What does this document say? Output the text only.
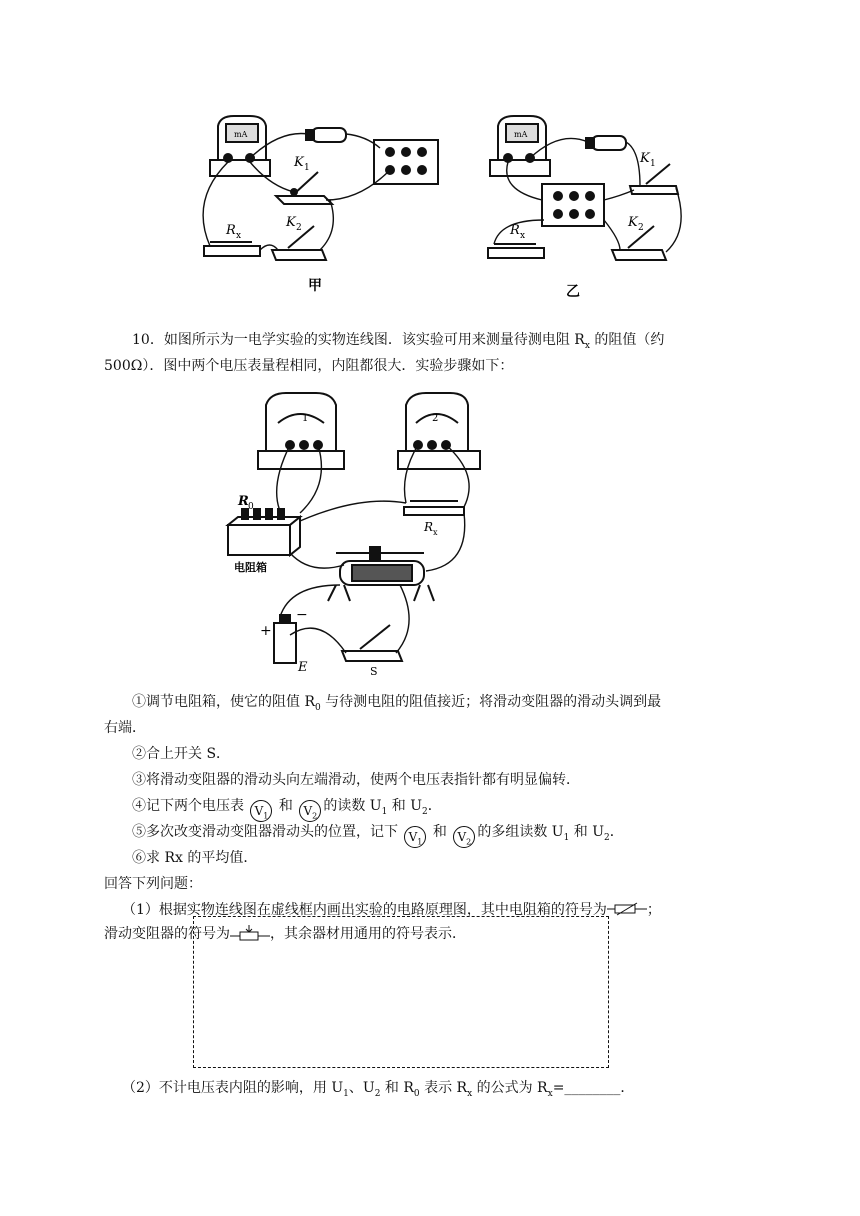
mA
K 1
R x
K 2
甲
mA
K 1
R x
K 2
乙
10．如图所示为一电学实验的实物连线图．该实验可用来测量待测电阻 $R_x$ 的阻值（约
500Ω）．图中两个电压表量程相同，内阻都很大．实验步骤如下：
1	2
R 0
电阻箱
R x
+
−
E	S
①调节电阻箱，使它的阻值 $R_0$ 与待测电阻的阻值接近；将滑动变阻器的滑动头调到最
右端．
②合上开关 S．
③将滑动变阻器的滑动头向左端滑动，使两个电压表指针都有明显偏转．
④记下两个电压表 $V_1$ 和 $V_2$的读数 $U_1$ 和 $U_2$．
⑤多次改变滑动变阻器滑动头的位置，记下 $V_1$ 和 $V_2$的多组读数 $U_1$ 和 $U_2$．
⑥求 Rx 的平均值．
回答下列问题：
（1）根据实物连线图在虚线框内画出实验的电路原理图，其中电阻箱的符号为	；
滑动变阻器的符号为	，其余器材用通用的符号表示．
（2）不计电压表内阻的影响，用 $U_1$、$U_2$ 和 $R_0$ 表示 $R_x$ 的公式为 $R_x=\_\_\_\_\_\_\_\_$．
